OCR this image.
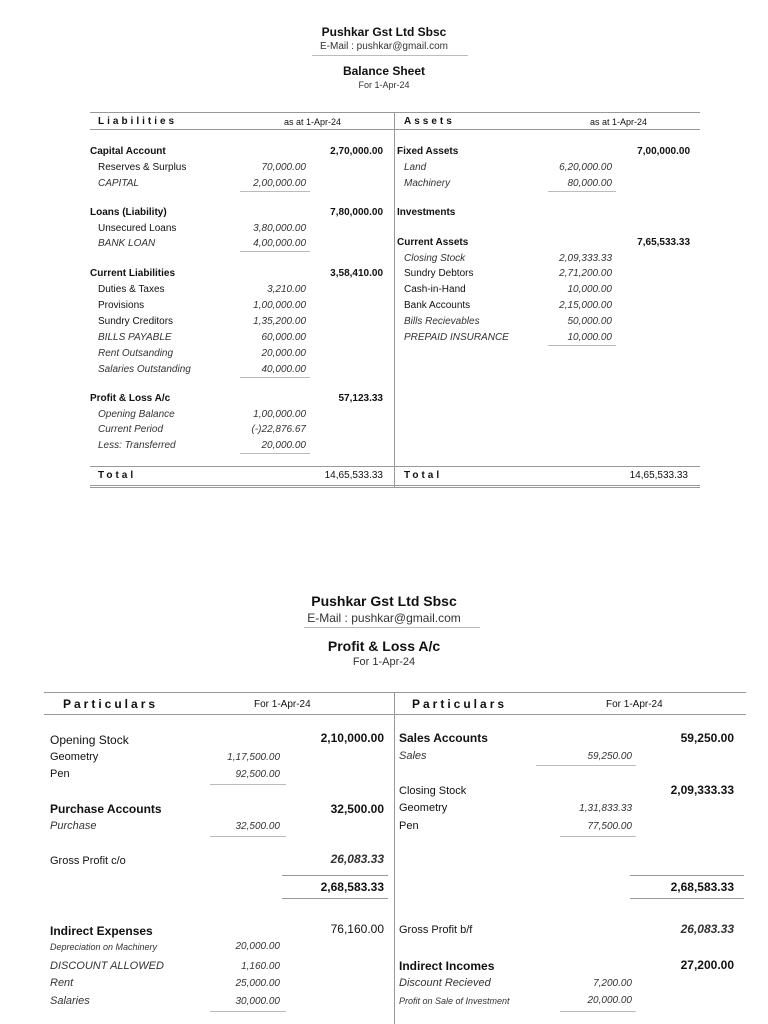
Pushkar Gst Ltd Sbsc
E-Mail : pushkar@gmail.com
Balance Sheet
For 1-Apr-24
Liabilities	as at 1-Apr-24	Assets	as at 1-Apr-24
Capital Account	2,70,000.00
Reserves & Surplus	70,000.00
CAPITAL	2,00,000.00
Loans (Liability)	7,80,000.00
Unsecured Loans	3,80,000.00
BANK LOAN	4,00,000.00
Current Liabilities	3,58,410.00
Duties & Taxes	3,210.00
Provisions	1,00,000.00
Sundry Creditors	1,35,200.00
BILLS PAYABLE	60,000.00
Rent Outsanding	20,000.00
Salaries Outstanding	40,000.00
Profit & Loss A/c	57,123.33
Opening Balance	1,00,000.00
Current Period	(-)22,876.67
Less: Transferred	20,000.00
Fixed Assets	7,00,000.00
Land	6,20,000.00
Machinery	80,000.00
Investments
Current Assets	7,65,533.33
Closing Stock	2,09,333.33
Sundry Debtors	2,71,200.00
Cash-in-Hand	10,000.00
Bank Accounts	2,15,000.00
Bills Recievables	50,000.00
PREPAID INSURANCE	10,000.00
Total	14,65,533.33 Total	14,65,533.33
Pushkar Gst Ltd Sbsc
E-Mail : pushkar@gmail.com
Profit & Loss A/c
For 1-Apr-24
Particulars	For 1-Apr-24	Particulars	For 1-Apr-24
Opening Stock	2,10,000.00
Geometry	1,17,500.00
Pen	92,500.00
Purchase Accounts	32,500.00
Purchase	32,500.00
Gross Profit c/o	26,083.33
2,68,583.33
Indirect Expenses	76,160.00
Depreciation on Machinery	20,000.00
DISCOUNT ALLOWED	1,160.00
Rent	25,000.00
Salaries	30,000.00
Sales Accounts	59,250.00
Sales	59,250.00
Closing Stock	2,09,333.33
Geometry	1,31,833.33
Pen	77,500.00
2,68,583.33
Gross Profit b/f	26,083.33
Indirect Incomes	27,200.00
Discount Recieved	7,200.00
Profit on Sale of Investment	20,000.00
